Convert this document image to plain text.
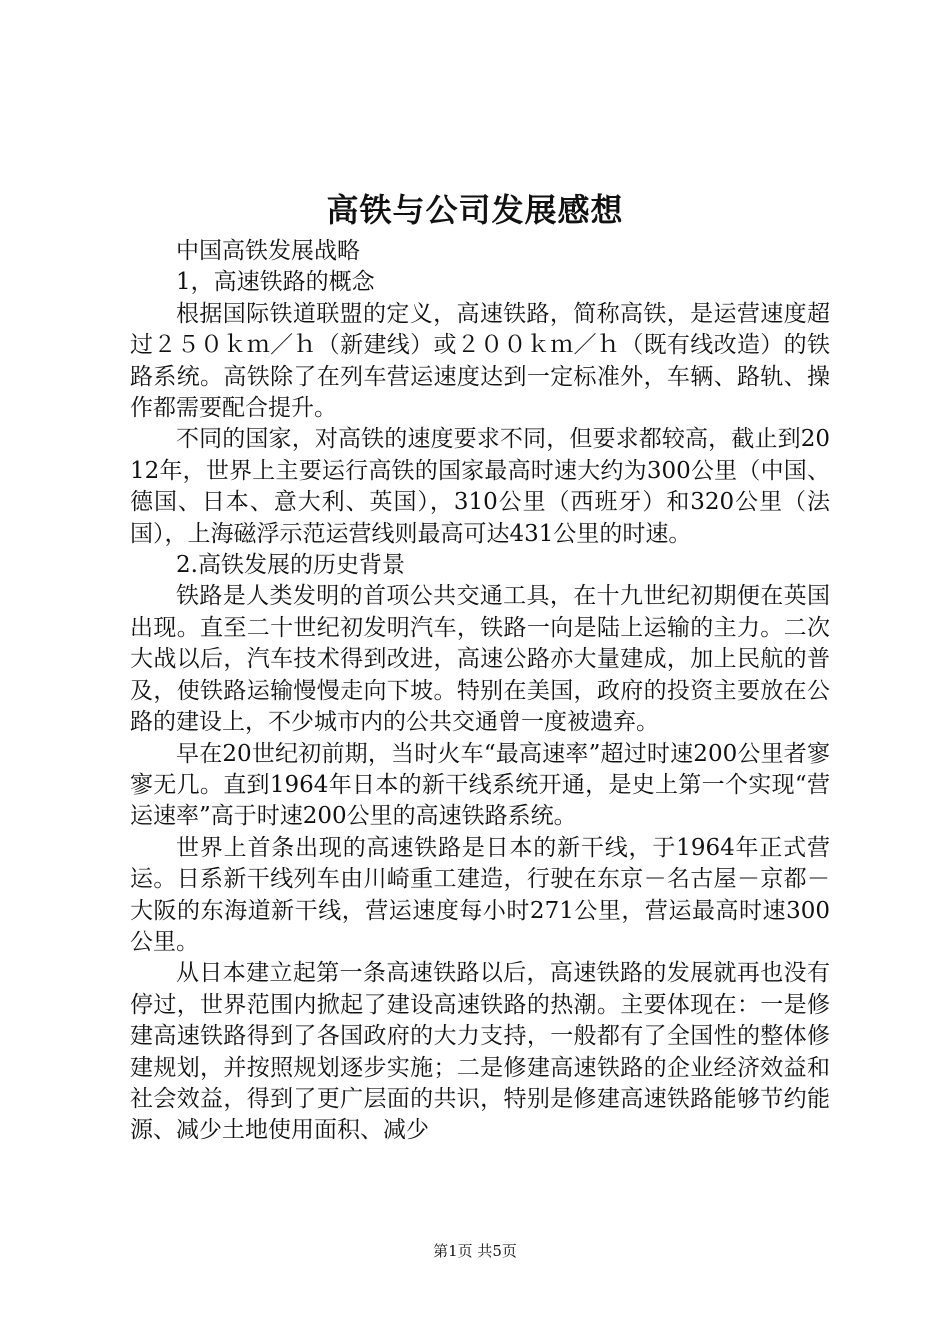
高铁与公司发展感想

中国高铁发展战略

1，高速铁路的概念

根据国际铁道联盟的定义，高速铁路，简称高铁，是运营速度超过２５０ｋｍ／ｈ（新建线）或２００ｋｍ／ｈ（既有线改造）的铁路系统。高铁除了在列车营运速度达到一定标准外，车辆、路轨、操作都需要配合提升。

不同的国家，对高铁的速度要求不同，但要求都较高，截止到2012年，世界上主要运行高铁的国家最高时速大约为300公里（中国、德国、日本、意大利、英国），310公里（西班牙）和320公里（法国），上海磁浮示范运营线则最高可达431公里的时速。

2.高铁发展的历史背景

铁路是人类发明的首项公共交通工具，在十九世纪初期便在英国出现。直至二十世纪初发明汽车，铁路一向是陆上运输的主力。二次大战以后，汽车技术得到改进，高速公路亦大量建成，加上民航的普及，使铁路运输慢慢走向下坡。特别在美国，政府的投资主要放在公路的建设上，不少城市内的公共交通曾一度被遗弃。

早在20世纪初前期，当时火车“最高速率”超过时速200公里者寥寥无几。直到1964年日本的新干线系统开通，是史上第一个实现“营运速率”高于时速200公里的高速铁路系统。

世界上首条出现的高速铁路是日本的新干线，于1964年正式营运。日系新干线列车由川崎重工建造，行驶在东京－名古屋－京都－大阪的东海道新干线，营运速度每小时271公里，营运最高时速300公里。

从日本建立起第一条高速铁路以后，高速铁路的发展就再也没有停过，世界范围内掀起了建设高速铁路的热潮。主要体现在：一是修建高速铁路得到了各国政府的大力支持，一般都有了全国性的整体修建规划，并按照规划逐步实施；二是修建高速铁路的企业经济效益和社会效益，得到了更广层面的共识，特别是修建高速铁路能够节约能源、减少土地使用面积、减少

第1页 共5页
